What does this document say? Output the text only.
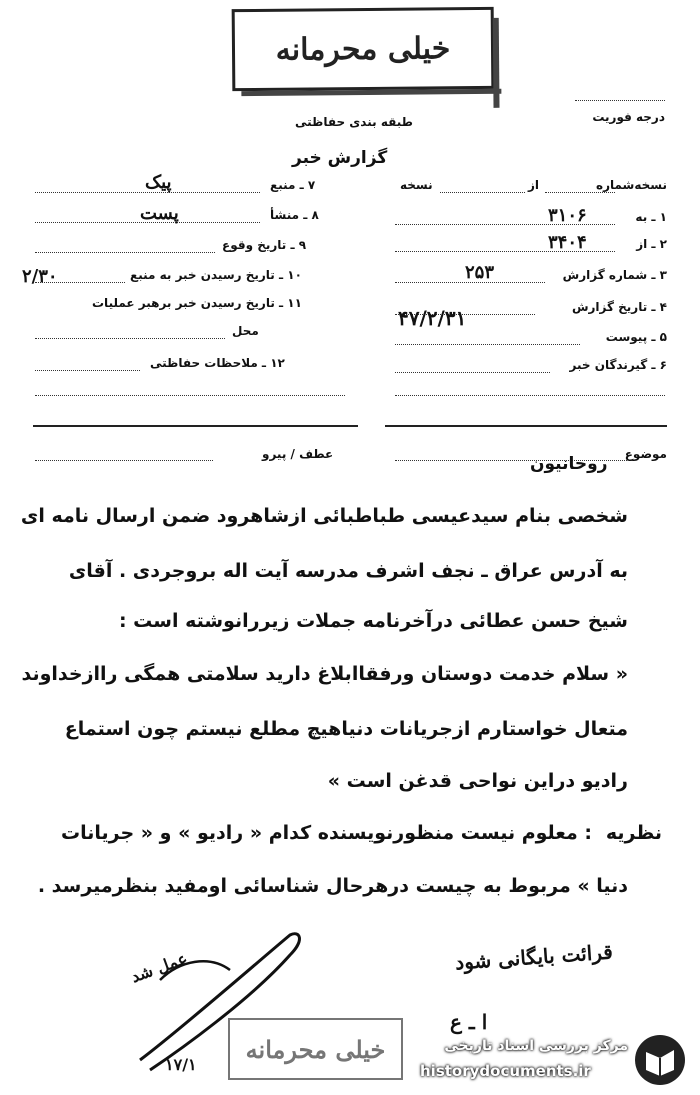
خیلی محرمانه
درجه فوریت
طبقه بندی حفاظتی
گزارش خبر
نسخه‌شماره
از
نسخه
۱ ـ به
۳۱۰۶
۲ ـ از
۳۴۰۴
۳ ـ شماره گزارش
۲۵۳
۴ ـ تاریخ گزارش
۴۷/۲/۳۱
۵ ـ پیوست
۶ ـ گیرندگان خبر
۷ ـ منبع
پیک
۸ ـ منشأ
پست
۹ ـ تاریخ وقوع
۱۰ ـ تاریخ رسیدن خبر به منبع
۲/۳۰
۱۱ ـ تاریخ رسیدن خبر برهبر عملیات
محل
۱۲ ـ ملاحظات حفاظتی
موضوع
روحانیون
عطف / پیرو
شخصی بنام سیدعیسی طباطبائی ازشاهرود ضمن ارسال نامه ای
به آدرس عراق ـ نجف اشرف مدرسه آیت اله بروجردی . آقای
شیخ حسن عطائی درآخرنامه جملات زیررانوشته است :
« سلام خدمت دوستان ورفقاابلاغ دارید سلامتی همگی راازخداوند
متعال خواستارم ازجریانات دنیاهیچ مطلع نیستم چون استماع
رادیو دراین نواحی قدغن است »
نظریه
: معلوم نیست منظورنویسنده کدام « رادیو » و « جریانات
دنیا » مربوط به چیست درهرحال شناسائی اومفید بنظرمیرسد .
عمل شد
۱۷/۱
قرائت بایگانی شود
ا ـ ع
خیلی محرمانه	مرکز بررسی اسناد تاریخی
historydocuments.ir
